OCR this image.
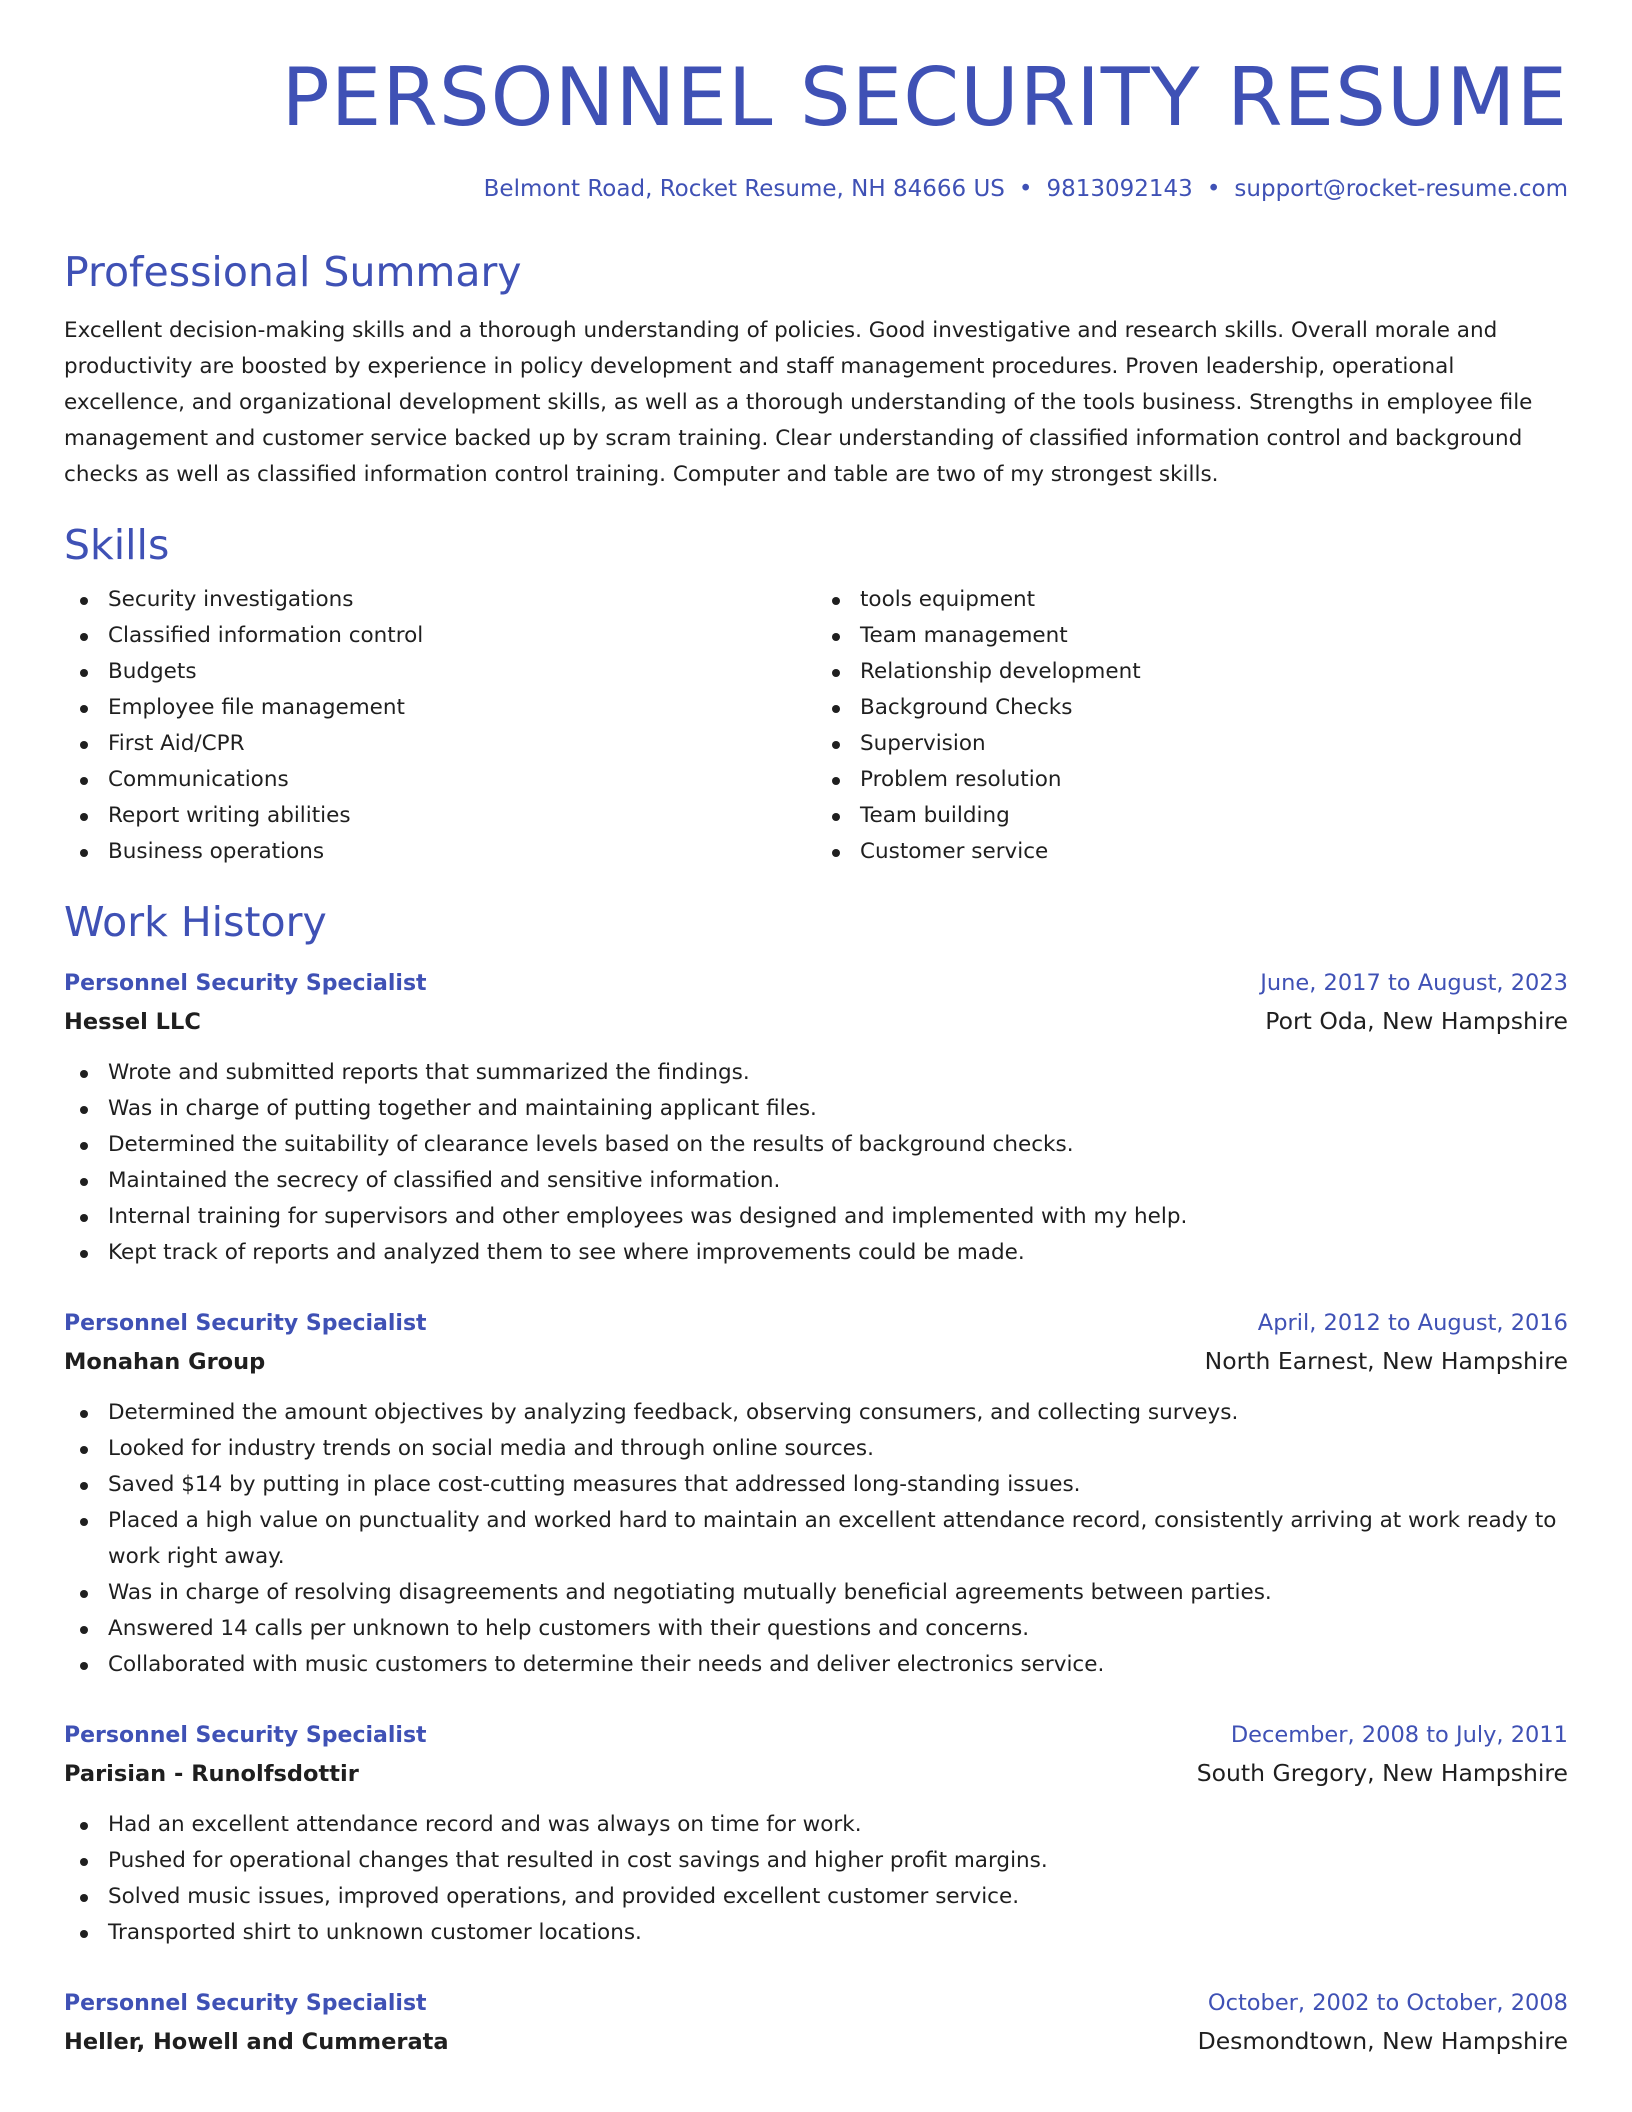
PERSONNEL SECURITY RESUME
Belmont Road, Rocket Resume, NH 84666 US • 9813092143 • support@rocket-resume.com
Professional Summary
Excellent decision-making skills and a thorough understanding of policies. Good investigative and research skills. Overall morale and productivity are boosted by experience in policy development and staff management procedures. Proven leadership, operational excellence, and organizational development skills, as well as a thorough understanding of the tools business. Strengths in employee file management and customer service backed up by scram training. Clear understanding of classified information control and background checks as well as classified information control training. Computer and table are two of my strongest skills.
Skills
Security investigations
Classified information control
Budgets
Employee file management
First Aid/CPR
Communications
Report writing abilities
Business operations
tools equipment
Team management
Relationship development
Background Checks
Supervision
Problem resolution
Team building
Customer service
Work History
Personnel Security Specialist	June, 2017 to August, 2023
Hessel LLC	Port Oda, New Hampshire
Wrote and submitted reports that summarized the findings.
Was in charge of putting together and maintaining applicant files.
Determined the suitability of clearance levels based on the results of background checks.
Maintained the secrecy of classified and sensitive information.
Internal training for supervisors and other employees was designed and implemented with my help.
Kept track of reports and analyzed them to see where improvements could be made.
Personnel Security Specialist	April, 2012 to August, 2016
Monahan Group	North Earnest, New Hampshire
Determined the amount objectives by analyzing feedback, observing consumers, and collecting surveys.
Looked for industry trends on social media and through online sources.
Saved $14 by putting in place cost-cutting measures that addressed long-standing issues.
Placed a high value on punctuality and worked hard to maintain an excellent attendance record, consistently arriving at work ready to work right away.
Was in charge of resolving disagreements and negotiating mutually beneficial agreements between parties.
Answered 14 calls per unknown to help customers with their questions and concerns.
Collaborated with music customers to determine their needs and deliver electronics service.
Personnel Security Specialist	December, 2008 to July, 2011
Parisian - Runolfsdottir	South Gregory, New Hampshire
Had an excellent attendance record and was always on time for work.
Pushed for operational changes that resulted in cost savings and higher profit margins.
Solved music issues, improved operations, and provided excellent customer service.
Transported shirt to unknown customer locations.
Personnel Security Specialist	October, 2002 to October, 2008
Heller, Howell and Cummerata	Desmondtown, New Hampshire
